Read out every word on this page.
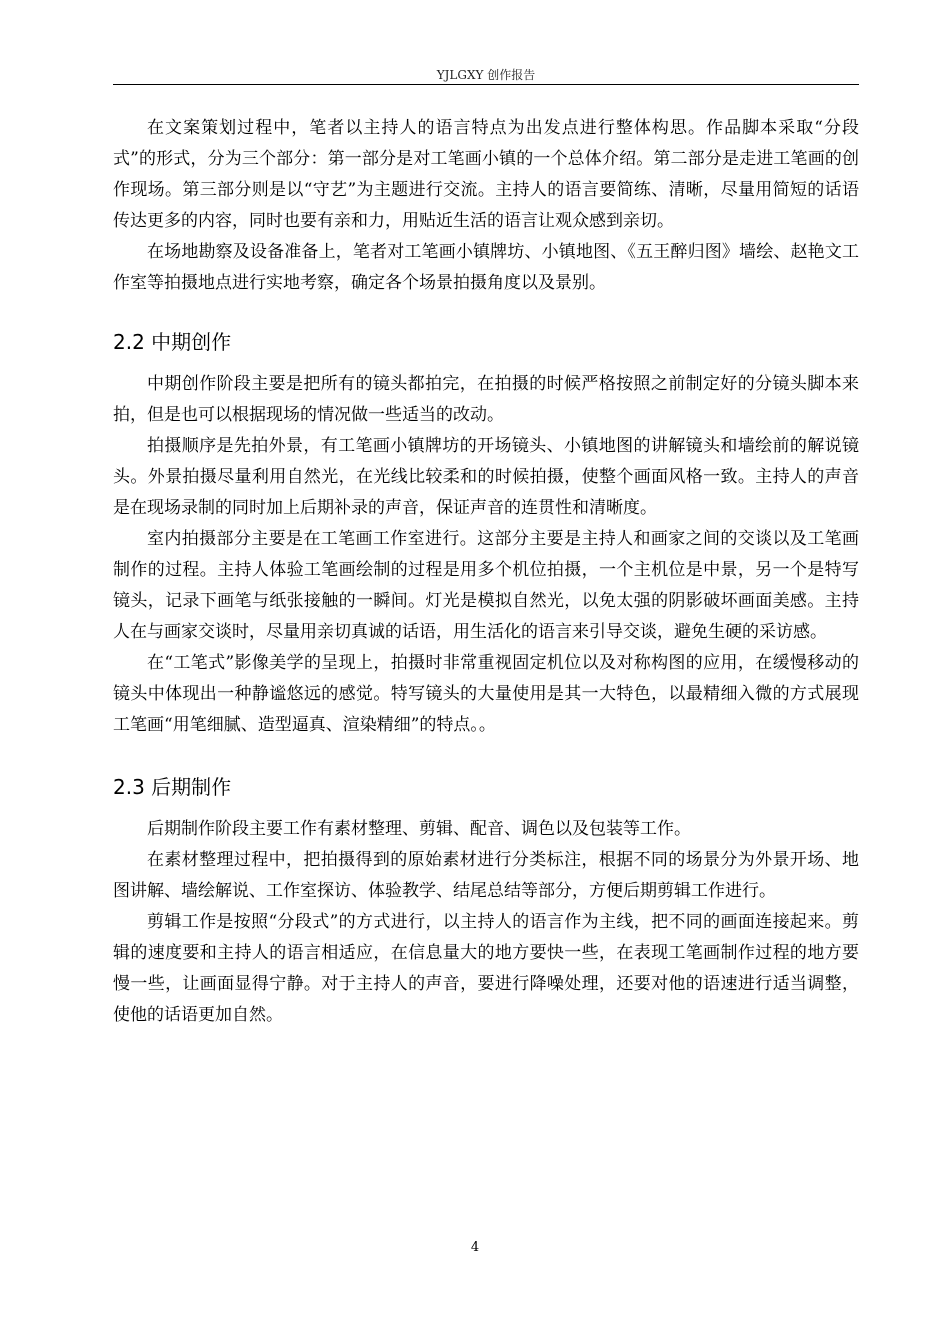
YJLGXY 创作报告

在文案策划过程中，笔者以主持人的语言特点为出发点进行整体构思。作品脚本采取“分段式”的形式，分为三个部分：第一部分是对工笔画小镇的一个总体介绍。第二部分是走进工笔画的创作现场。第三部分则是以“守艺”为主题进行交流。主持人的语言要简练、清晰，尽量用简短的话语传达更多的内容，同时也要有亲和力，用贴近生活的语言让观众感到亲切。

在场地勘察及设备准备上，笔者对工笔画小镇牌坊、小镇地图、《五王醉归图》墙绘、赵艳文工作室等拍摄地点进行实地考察，确定各个场景拍摄角度以及景别。

2.2 中期创作

中期创作阶段主要是把所有的镜头都拍完，在拍摄的时候严格按照之前制定好的分镜头脚本来拍，但是也可以根据现场的情况做一些适当的改动。

拍摄顺序是先拍外景，有工笔画小镇牌坊的开场镜头、小镇地图的讲解镜头和墙绘前的解说镜头。外景拍摄尽量利用自然光，在光线比较柔和的时候拍摄，使整个画面风格一致。主持人的声音是在现场录制的同时加上后期补录的声音，保证声音的连贯性和清晰度。

室内拍摄部分主要是在工笔画工作室进行。这部分主要是主持人和画家之间的交谈以及工笔画制作的过程。主持人体验工笔画绘制的过程是用多个机位拍摄，一个主机位是中景，另一个是特写镜头，记录下画笔与纸张接触的一瞬间。灯光是模拟自然光，以免太强的阴影破坏画面美感。主持人在与画家交谈时，尽量用亲切真诚的话语，用生活化的语言来引导交谈，避免生硬的采访感。

在“工笔式”影像美学的呈现上，拍摄时非常重视固定机位以及对称构图的应用，在缓慢移动的镜头中体现出一种静谧悠远的感觉。特写镜头的大量使用是其一大特色，以最精细入微的方式展现工笔画“用笔细腻、造型逼真、渲染精细”的特点。。

2.3 后期制作

后期制作阶段主要工作有素材整理、剪辑、配音、调色以及包装等工作。

在素材整理过程中，把拍摄得到的原始素材进行分类标注，根据不同的场景分为外景开场、地图讲解、墙绘解说、工作室探访、体验教学、结尾总结等部分，方便后期剪辑工作进行。

剪辑工作是按照“分段式”的方式进行，以主持人的语言作为主线，把不同的画面连接起来。剪辑的速度要和主持人的语言相适应，在信息量大的地方要快一些，在表现工笔画制作过程的地方要慢一些，让画面显得宁静。对于主持人的声音，要进行降噪处理，还要对他的语速进行适当调整，使他的话语更加自然。

4
